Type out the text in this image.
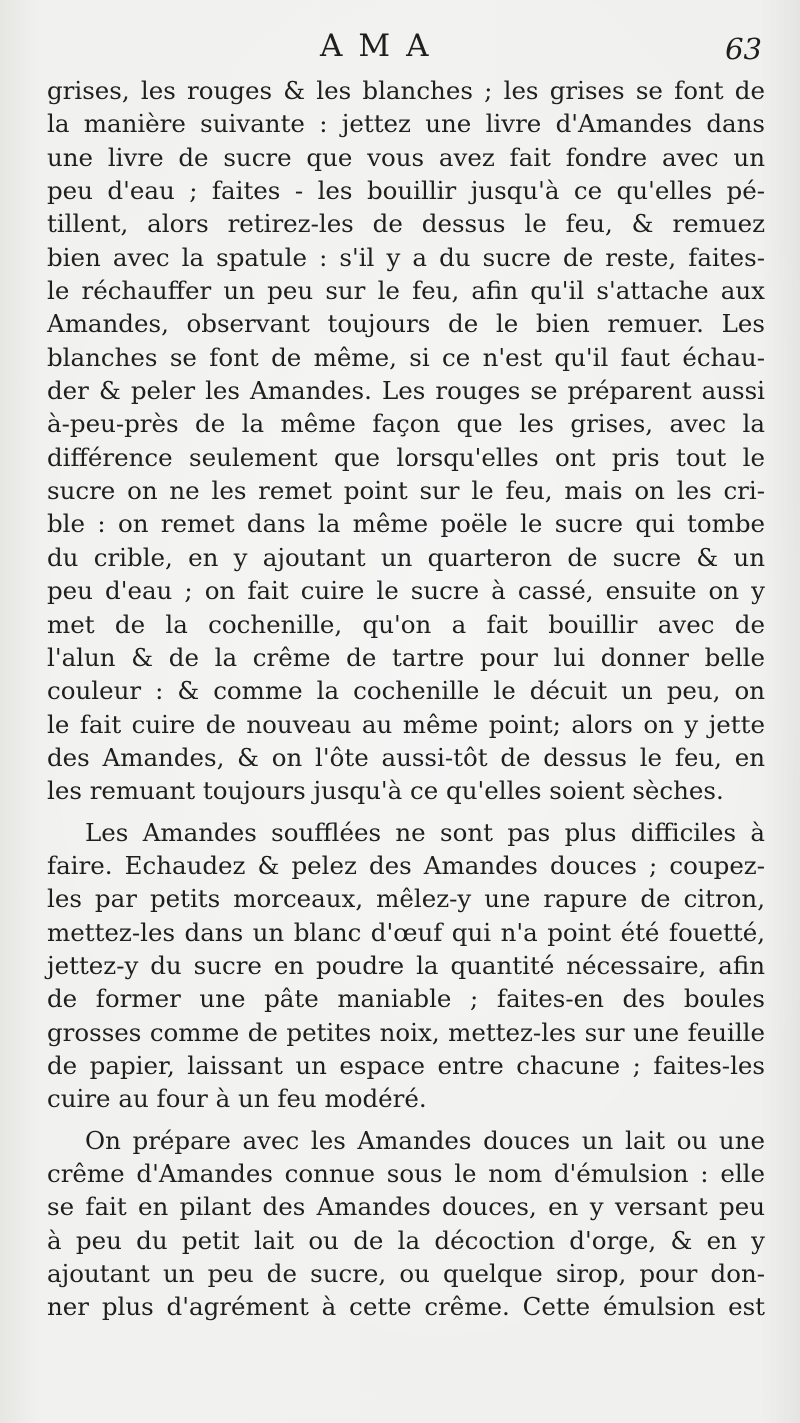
AMA	63
grises, les rouges & les blanches ; les grises se font de
la manière suivante : jettez une livre d'Amandes dans
une livre de sucre que vous avez fait fondre avec un
peu d'eau ; faites - les bouillir jusqu'à ce qu'elles pé-
tillent, alors retirez-les de dessus le feu, & remuez
bien avec la spatule : s'il y a du sucre de reste, faites-
le réchauffer un peu sur le feu, afin qu'il s'attache aux
Amandes, observant toujours de le bien remuer. Les
blanches se font de même, si ce n'est qu'il faut échau-
der & peler les Amandes. Les rouges se préparent aussi
à-peu-près de la même façon que les grises, avec la
différence seulement que lorsqu'elles ont pris tout le
sucre on ne les remet point sur le feu, mais on les cri-
ble : on remet dans la même poële le sucre qui tombe
du crible, en y ajoutant un quarteron de sucre & un
peu d'eau ; on fait cuire le sucre à cassé, ensuite on y
met de la cochenille, qu'on a fait bouillir avec de
l'alun & de la crême de tartre pour lui donner belle
couleur : & comme la cochenille le décuit un peu, on
le fait cuire de nouveau au même point; alors on y jette
des Amandes, & on l'ôte aussi-tôt de dessus le feu, en
les remuant toujours jusqu'à ce qu'elles soient sèches.
Les Amandes soufflées ne sont pas plus difficiles à
faire. Echaudez & pelez des Amandes douces ; coupez-
les par petits morceaux, mêlez-y une rapure de citron,
mettez-les dans un blanc d'œuf qui n'a point été fouetté,
jettez-y du sucre en poudre la quantité nécessaire, afin
de former une pâte maniable ; faites-en des boules
grosses comme de petites noix, mettez-les sur une feuille
de papier, laissant un espace entre chacune ; faites-les
cuire au four à un feu modéré.
On prépare avec les Amandes douces un lait ou une
crême d'Amandes connue sous le nom d'émulsion : elle
se fait en pilant des Amandes douces, en y versant peu
à peu du petit lait ou de la décoction d'orge, & en y
ajoutant un peu de sucre, ou quelque sirop, pour don-
ner plus d'agrément à cette crême. Cette émulsion est
